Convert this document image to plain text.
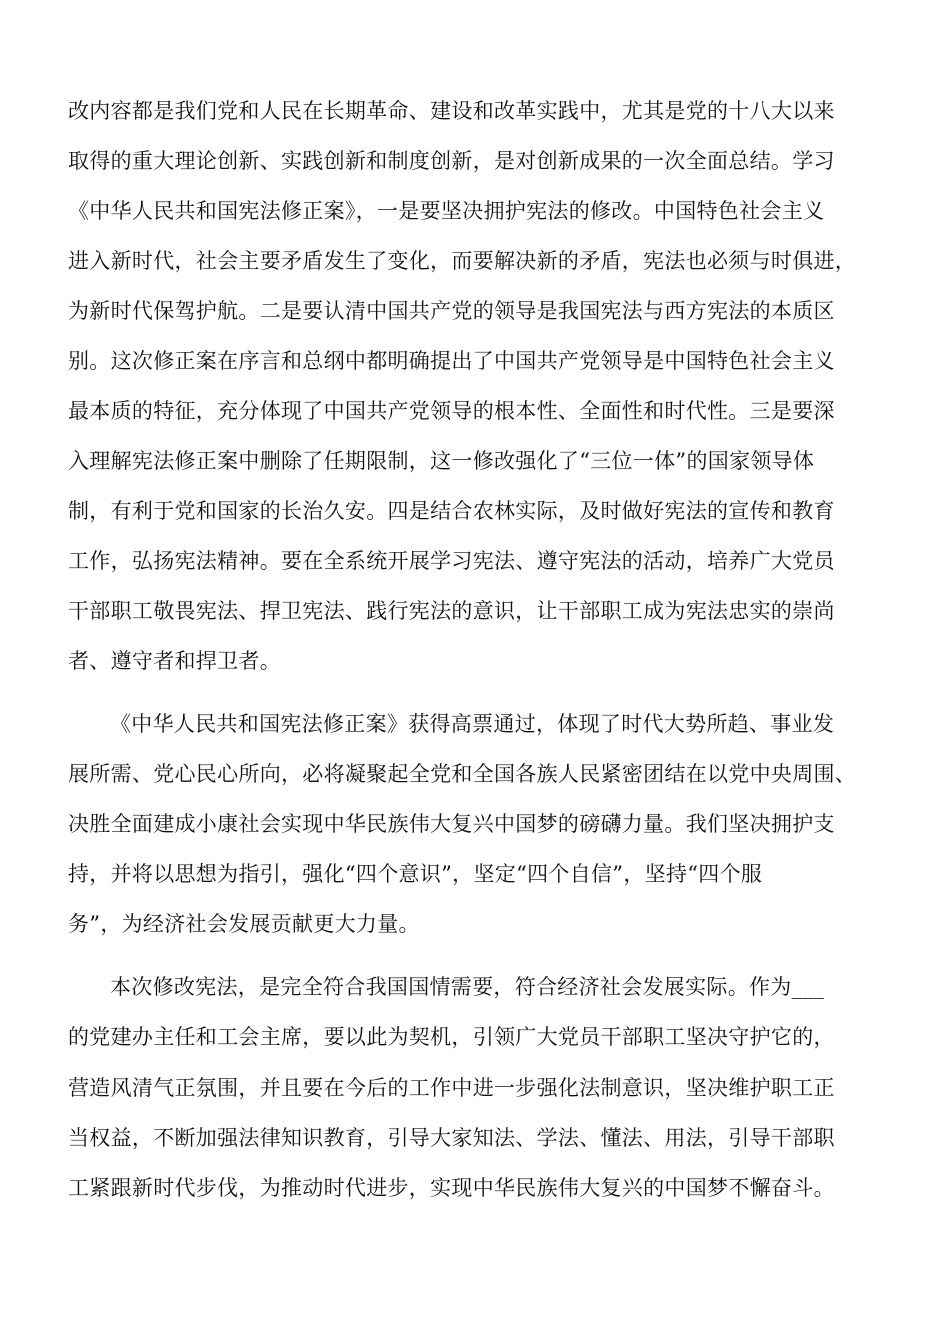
改内容都是我们党和人民在长期革命、建设和改革实践中，尤其是党的十八大以来
取得的重大理论创新、实践创新和制度创新，是对创新成果的一次全面总结。学习
《中华人民共和国宪法修正案》，一是要坚决拥护宪法的修改。中国特色社会主义
进入新时代，社会主要矛盾发生了变化，而要解决新的矛盾，宪法也必须与时俱进，
为新时代保驾护航。二是要认清中国共产党的领导是我国宪法与西方宪法的本质区
别。这次修正案在序言和总纲中都明确提出了中国共产党领导是中国特色社会主义
最本质的特征，充分体现了中国共产党领导的根本性、全面性和时代性。三是要深
入理解宪法修正案中删除了任期限制，这一修改强化了“三位一体”的国家领导体
制，有利于党和国家的长治久安。四是结合农林实际，及时做好宪法的宣传和教育
工作，弘扬宪法精神。要在全系统开展学习宪法、遵守宪法的活动，培养广大党员
干部职工敬畏宪法、捍卫宪法、践行宪法的意识，让干部职工成为宪法忠实的崇尚
者、遵守者和捍卫者。
《中华人民共和国宪法修正案》获得高票通过，体现了时代大势所趋、事业发
展所需、党心民心所向，必将凝聚起全党和全国各族人民紧密团结在以党中央周围、
决胜全面建成小康社会实现中华民族伟大复兴中国梦的磅礴力量。我们坚决拥护支
持，并将以思想为指引，强化“四个意识”，坚定“四个自信”，坚持“四个服
务”，为经济社会发展贡献更大力量。
本次修改宪法，是完全符合我国国情需要，符合经济社会发展实际。作为___
的党建办主任和工会主席，要以此为契机，引领广大党员干部职工坚决守护它的，
营造风清气正氛围，并且要在今后的工作中进一步强化法制意识，坚决维护职工正
当权益，不断加强法律知识教育，引导大家知法、学法、懂法、用法，引导干部职
工紧跟新时代步伐，为推动时代进步，实现中华民族伟大复兴的中国梦不懈奋斗。
